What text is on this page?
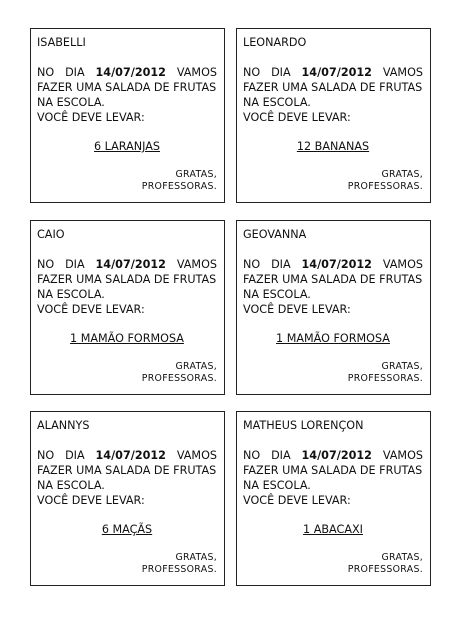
ISABELLI
NO DIA 14/07/2012 VAMOS
FAZER UMA SALADA DE FRUTAS
NA ESCOLA.
VOCÊ DEVE LEVAR:
6 LARANJAS
GRATAS,
PROFESSORAS.
LEONARDO
NO DIA 14/07/2012 VAMOS
FAZER UMA SALADA DE FRUTAS
NA ESCOLA.
VOCÊ DEVE LEVAR:
12 BANANAS
GRATAS,
PROFESSORAS.
CAIO
NO DIA 14/07/2012 VAMOS
FAZER UMA SALADA DE FRUTAS
NA ESCOLA.
VOCÊ DEVE LEVAR:
1 MAMÃO FORMOSA
GRATAS,
PROFESSORAS.
GEOVANNA
NO DIA 14/07/2012 VAMOS
FAZER UMA SALADA DE FRUTAS
NA ESCOLA.
VOCÊ DEVE LEVAR:
1 MAMÃO FORMOSA
GRATAS,
PROFESSORAS.
ALANNYS
NO DIA 14/07/2012 VAMOS
FAZER UMA SALADA DE FRUTAS
NA ESCOLA.
VOCÊ DEVE LEVAR:
6 MAÇÃS
GRATAS,
PROFESSORAS.
MATHEUS LORENÇON
NO DIA 14/07/2012 VAMOS
FAZER UMA SALADA DE FRUTAS
NA ESCOLA.
VOCÊ DEVE LEVAR:
1 ABACAXI
GRATAS,
PROFESSORAS.
